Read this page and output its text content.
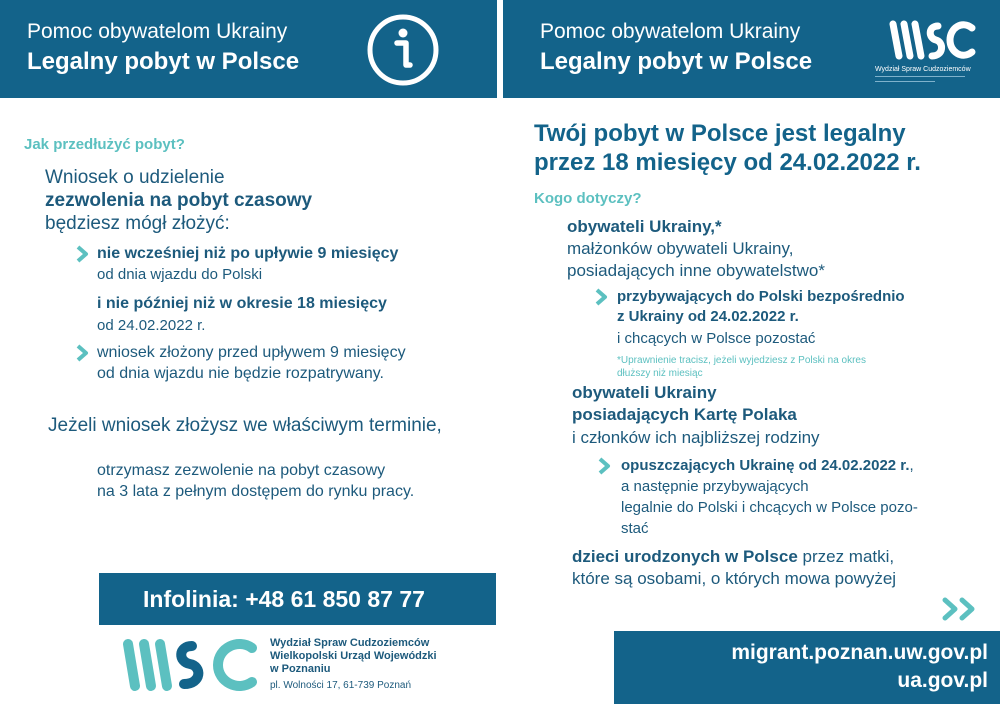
Pomoc obywatelom Ukrainy
Legalny pobyt w Polsce
Pomoc obywatelom Ukrainy
Legalny pobyt w Polsce	Wydział Spraw Cudzoziemców
Jak przedłużyć pobyt?
Wniosek o udzielenie
zezwolenia na pobyt czasowy
będziesz mógł złożyć:
nie wcześniej niż po upływie 9 miesięcy
od dnia wjazdu do Polski
i nie później niż w okresie 18 miesięcy
od 24.02.2022 r.
wniosek złożony przed upływem 9 miesięcy
od dnia wjazdu nie będzie rozpatrywany.
Jeżeli wniosek złożysz we właściwym terminie,
otrzymasz zezwolenie na pobyt czasowy
na 3 lata z pełnym dostępem do rynku pracy.
Infolinia: +48 61 850 87 77
Wydział Spraw Cudzoziemców
Wielkopolski Urząd Wojewódzki
w Poznaniu
pl. Wolności 17, 61-739 Poznań
Twój pobyt w Polsce jest legalny
przez 18 miesięcy od 24.02.2022 r.
Kogo dotyczy?
obywateli Ukrainy,*
małżonków obywateli Ukrainy,
posiadających inne obywatelstwo*
przybywających do Polski bezpośrednio
z Ukrainy od 24.02.2022 r.
i chcących w Polsce pozostać
*Uprawnienie tracisz, jeżeli wyjedziesz z Polski na okres
dłuższy niż miesiąc
obywateli Ukrainy
posiadających Kartę Polaka
i członków ich najbliższej rodziny
opuszczających Ukrainę od 24.02.2022 r.,
a następnie przybywających
legalnie do Polski i chcących w Polsce pozo-
stać
dzieci urodzonych w Polsce przez matki,
które są osobami, o których mowa powyżej
migrant.poznan.uw.gov.pl
ua.gov.pl
